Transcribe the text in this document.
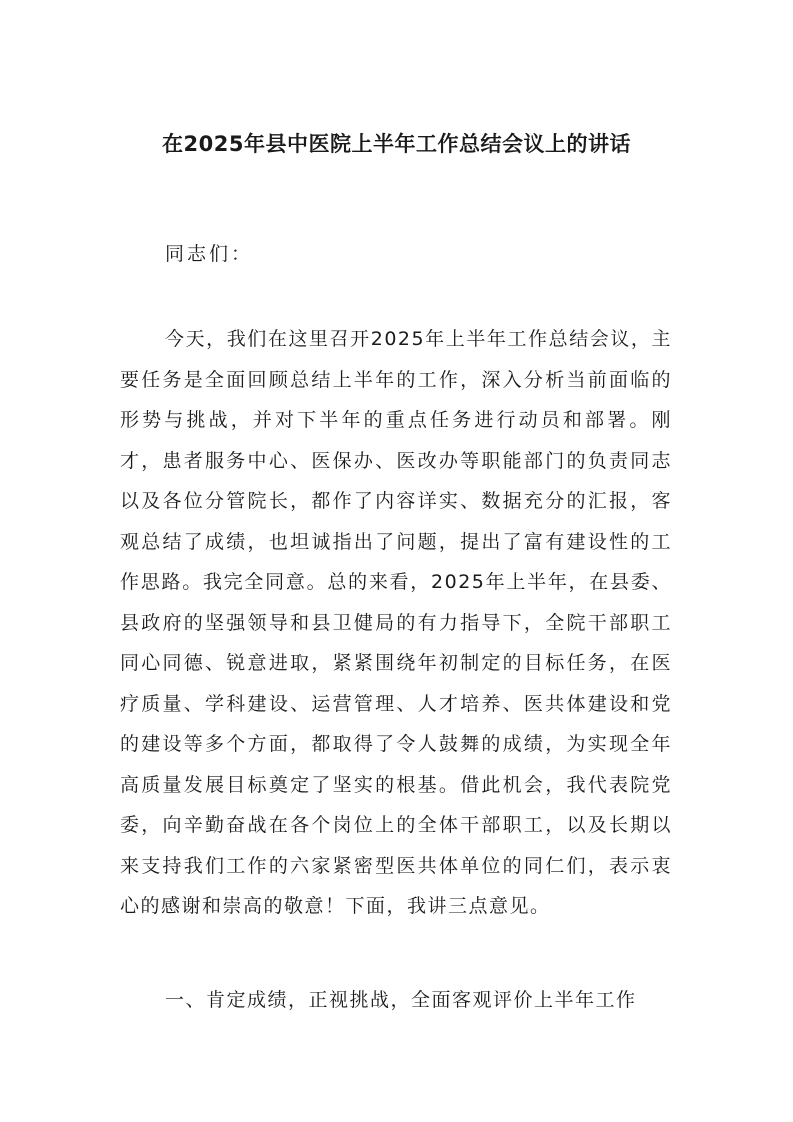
在2025年县中医院上半年工作总结会议上的讲话

同志们：

今天，我们在这里召开2025年上半年工作总结会议，主要任务是全面回顾总结上半年的工作，深入分析当前面临的形势与挑战，并对下半年的重点任务进行动员和部署。刚才，患者服务中心、医保办、医改办等职能部门的负责同志以及各位分管院长，都作了内容详实、数据充分的汇报，客观总结了成绩，也坦诚指出了问题，提出了富有建设性的工作思路。我完全同意。总的来看，2025年上半年，在县委、县政府的坚强领导和县卫健局的有力指导下，全院干部职工同心同德、锐意进取，紧紧围绕年初制定的目标任务，在医疗质量、学科建设、运营管理、人才培养、医共体建设和党的建设等多个方面，都取得了令人鼓舞的成绩，为实现全年高质量发展目标奠定了坚实的根基。借此机会，我代表院党委，向辛勤奋战在各个岗位上的全体干部职工，以及长期以来支持我们工作的六家紧密型医共体单位的同仁们，表示衷心的感谢和崇高的敬意！下面，我讲三点意见。

一、肯定成绩，正视挑战，全面客观评价上半年工作
